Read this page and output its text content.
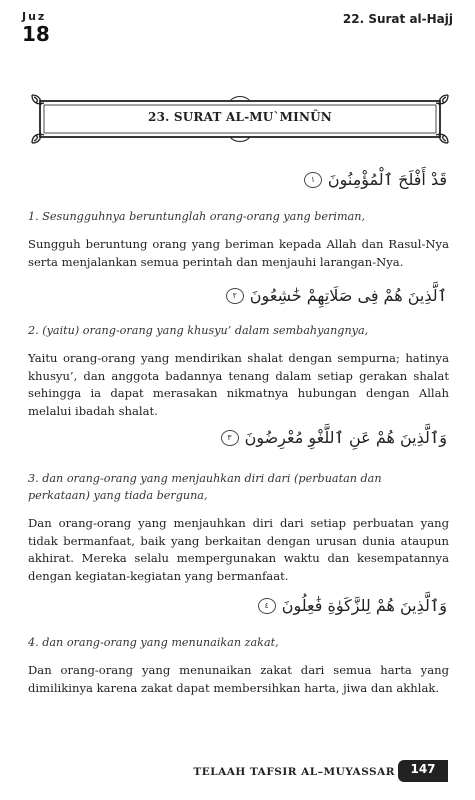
Juz
18
22. Surat al-Hajj
23. SURAT AL-MU`MINÛN
قَدْ أَفْلَحَ ٱلْمُؤْمِنُونَ
١
1. Sesungguhnya beruntunglah orang-orang yang beriman,
Sungguh beruntung orang yang beriman kepada Allah dan Rasul-Nya serta menjalankan semua perintah dan menjauhi larangan-Nya.
ٱلَّذِينَ هُمْ فِى صَلَاتِهِمْ خَٰشِعُونَ
٢
2. (yaitu) orang-orang yang khusyu’ dalam sembahyangnya,
Yaitu orang-orang yang mendirikan shalat dengan sempurna; hatinya khusyu’, dan anggota badannya tenang dalam setiap gerakan shalat sehingga ia dapat merasakan nikmatnya hubungan dengan Allah melalui ibadah shalat.
وَٱلَّذِينَ هُمْ عَنِ ٱللَّغْوِ مُعْرِضُونَ
٣
3. dan orang-orang yang menjauhkan diri dari (perbuatan dan perkataan) yang tiada berguna,
Dan orang-orang yang menjauhkan diri dari setiap perbuatan yang tidak bermanfaat, baik yang berkaitan dengan urusan dunia ataupun akhirat. Mereka selalu mempergunakan waktu dan kesempatannya dengan kegiatan-kegiatan yang bermanfaat.
وَٱلَّذِينَ هُمْ لِلزَّكَوٰةِ فَٰعِلُونَ
٤
4. dan orang-orang yang menunaikan zakat,
Dan orang-orang yang menunaikan zakat dari semua harta yang dimilikinya karena zakat dapat membersihkan harta, jiwa dan akhlak.
TELAAH TAFSIR AL–MUYASSAR	147
